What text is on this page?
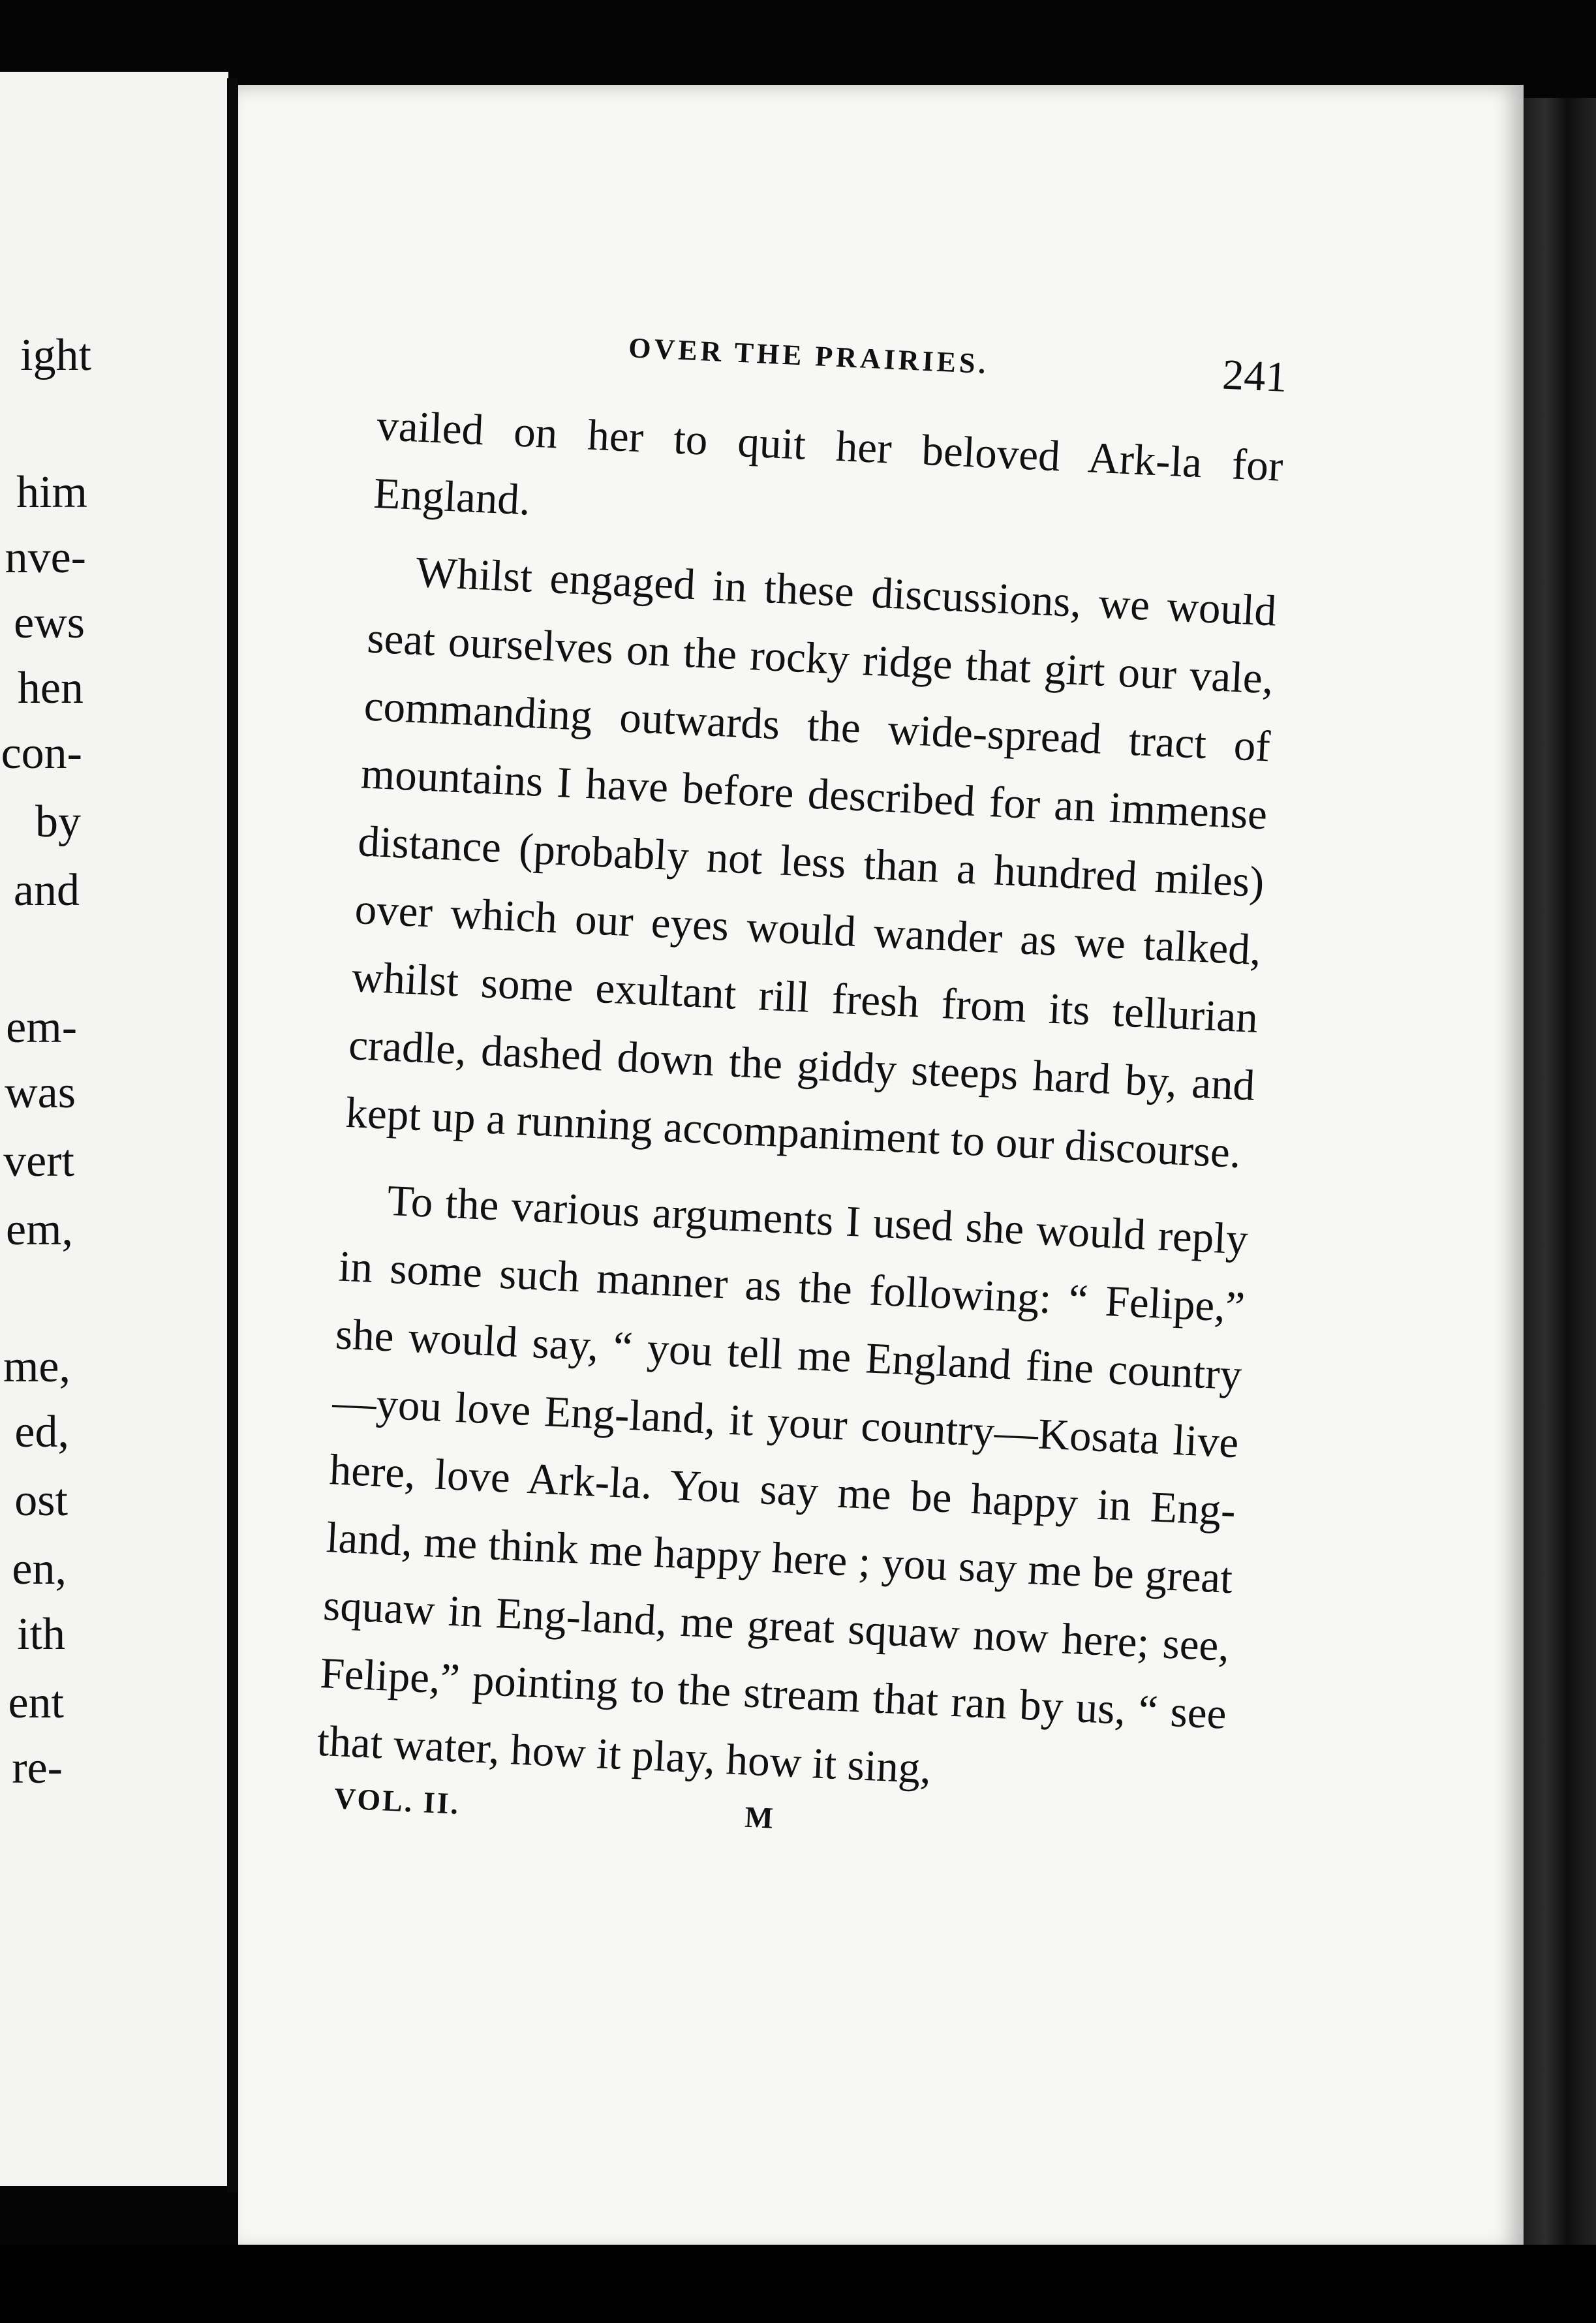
ight
him
nve-
ews
hen
con-
by
and
em-
was
vert
em,
me,
ed,
ost
en,
ith
ent
re-
OVER THE PRAIRIES.	241

vailed on her to quit her beloved Ark-la for England.

Whilst engaged in these discussions, we would seat ourselves on the rocky ridge that girt our vale, commanding outwards the wide-spread tract of mountains I have before described for an immense distance (probably not less than a hundred miles) over which our eyes would wander as we talked, whilst some exultant rill fresh from its tellurian cradle, dashed down the giddy steeps hard by, and kept up a running accompaniment to our discourse.

To the various arguments I used she would reply in some such manner as the following: “ Felipe,” she would say, “ you tell me England fine country—you love Eng-land, it your country—Kosata live here, love Ark-la. You say me be happy in Eng-land, me think me happy here ; you say me be great squaw in Eng-land, me great squaw now here; see, Felipe,” pointing to the stream that ran by us, “ see that water, how it play, how it sing,

VOL. II.	M
